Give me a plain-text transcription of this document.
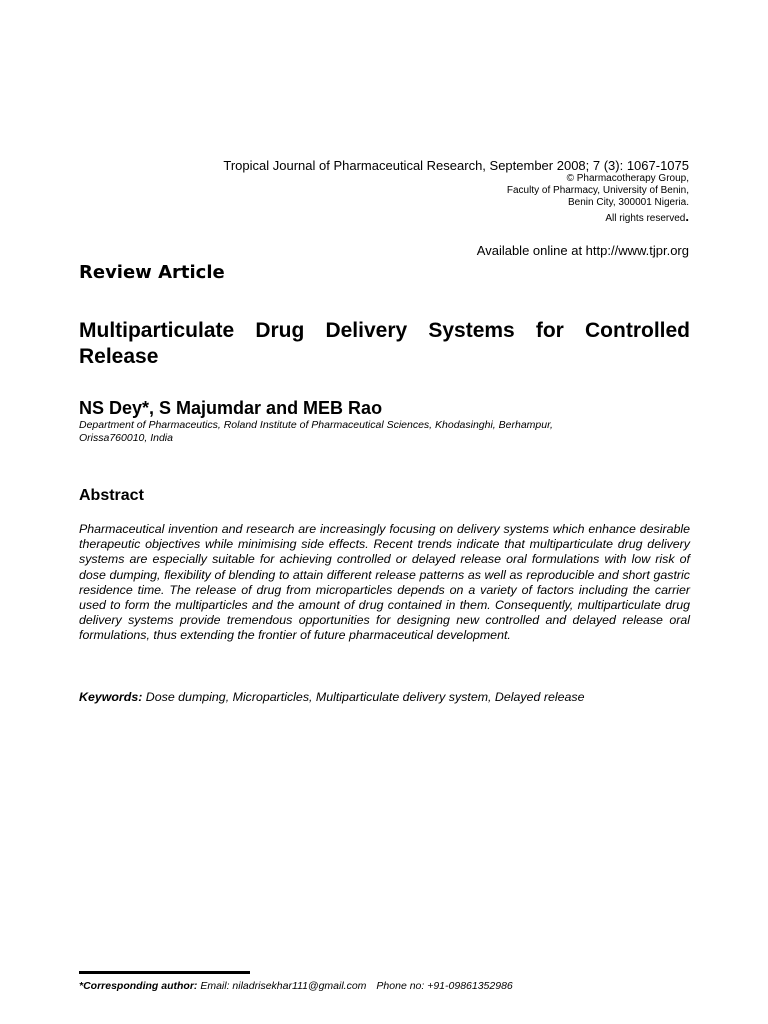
Tropical Journal of Pharmaceutical Research, September 2008; 7 (3): 1067-1075
© Pharmacotherapy Group,
Faculty of Pharmacy, University of Benin,
Benin City, 300001 Nigeria.
All rights reserved.
Available online at http://www.tjpr.org
Review Article
Multiparticulate Drug Delivery Systems for Controlled Release
NS Dey*, S Majumdar and MEB Rao
Department of Pharmaceutics, Roland Institute of Pharmaceutical Sciences, Khodasinghi, Berhampur, Orissa760010, India
Abstract
Pharmaceutical invention and research are increasingly focusing on delivery systems which enhance desirable therapeutic objectives while minimising side effects. Recent trends indicate that multiparticulate drug delivery systems are especially suitable for achieving controlled or delayed release oral formulations with low risk of dose dumping, flexibility of blending to attain different release patterns as well as reproducible and short gastric residence time. The release of drug from microparticles depends on a variety of factors including the carrier used to form the multiparticles and the amount of drug contained in them. Consequently, multiparticulate drug delivery systems provide tremendous opportunities for designing new controlled and delayed release oral formulations, thus extending the frontier of future pharmaceutical development.
Keywords: Dose dumping, Microparticles, Multiparticulate delivery system, Delayed release
*Corresponding author: Email: niladrisekhar111@gmail.com Phone no: +91-09861352986
